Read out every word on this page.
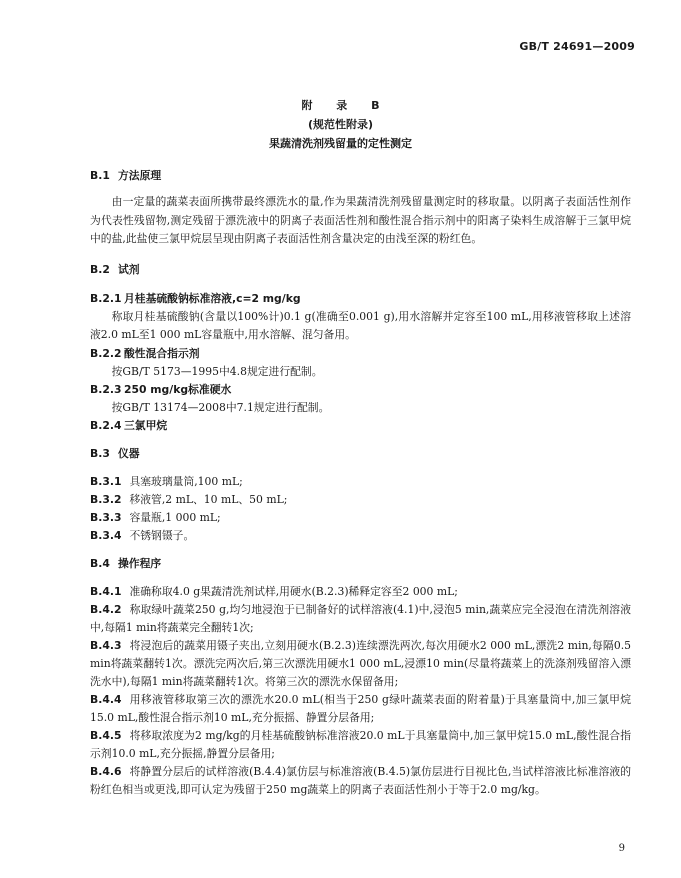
GB/T 24691—2009
附 录 B
(规范性附录)
果蔬清洗剂残留量的定性测定
B.1 方法原理
由一定量的蔬菜表面所携带最终漂洗水的量,作为果蔬清洗剂残留量测定时的移取量。以阴离子表面活性剂作为代表性残留物,测定残留于漂洗液中的阴离子表面活性剂和酸性混合指示剂中的阳离子染料生成溶解于三氯甲烷中的盐,此盐使三氯甲烷层呈现由阴离子表面活性剂含量决定的由浅至深的粉红色。
B.2 试剂
B.2.1 月桂基硫酸钠标准溶液,c=2 mg/kg
称取月桂基硫酸钠(含量以100%计)0.1 g(准确至0.001 g),用水溶解并定容至100 mL,用移液管移取上述溶液2.0 mL至1 000 mL容量瓶中,用水溶解、混匀备用。
B.2.2 酸性混合指示剂
按GB/T 5173—1995中4.8规定进行配制。
B.2.3 250 mg/kg标准硬水
按GB/T 13174—2008中7.1规定进行配制。
B.2.4 三氯甲烷
B.3 仪器
B.3.1 具塞玻璃量筒,100 mL;
B.3.2 移液管,2 mL、10 mL、50 mL;
B.3.3 容量瓶,1 000 mL;
B.3.4 不锈钢镊子。
B.4 操作程序
B.4.1 准确称取4.0 g果蔬清洗剂试样,用硬水(B.2.3)稀释定容至2 000 mL;
B.4.2 称取绿叶蔬菜250 g,均匀地浸泡于已制备好的试样溶液(4.1)中,浸泡5 min,蔬菜应完全浸泡在清洗剂溶液中,每隔1 min将蔬菜完全翻转1次;
B.4.3 将浸泡后的蔬菜用镊子夹出,立刻用硬水(B.2.3)连续漂洗两次,每次用硬水2 000 mL,漂洗2 min,每隔0.5 min将蔬菜翻转1次。漂洗完两次后,第三次漂洗用硬水1 000 mL,浸漂10 min(尽量将蔬菜上的洗涤剂残留溶入漂洗水中),每隔1 min将蔬菜翻转1次。将第三次的漂洗水保留备用;
B.4.4 用移液管移取第三次的漂洗水20.0 mL(相当于250 g绿叶蔬菜表面的附着量)于具塞量筒中,加三氯甲烷15.0 mL,酸性混合指示剂10 mL,充分振摇、静置分层备用;
B.4.5 将移取浓度为2 mg/kg的月桂基硫酸钠标准溶液20.0 mL于具塞量筒中,加三氯甲烷15.0 mL,酸性混合指示剂10.0 mL,充分振摇,静置分层备用;
B.4.6 将静置分层后的试样溶液(B.4.4)氯仿层与标准溶液(B.4.5)氯仿层进行目视比色,当试样溶液比标准溶液的粉红色相当或更浅,即可认定为残留于250 mg蔬菜上的阴离子表面活性剂小于等于2.0 mg/kg。
9
